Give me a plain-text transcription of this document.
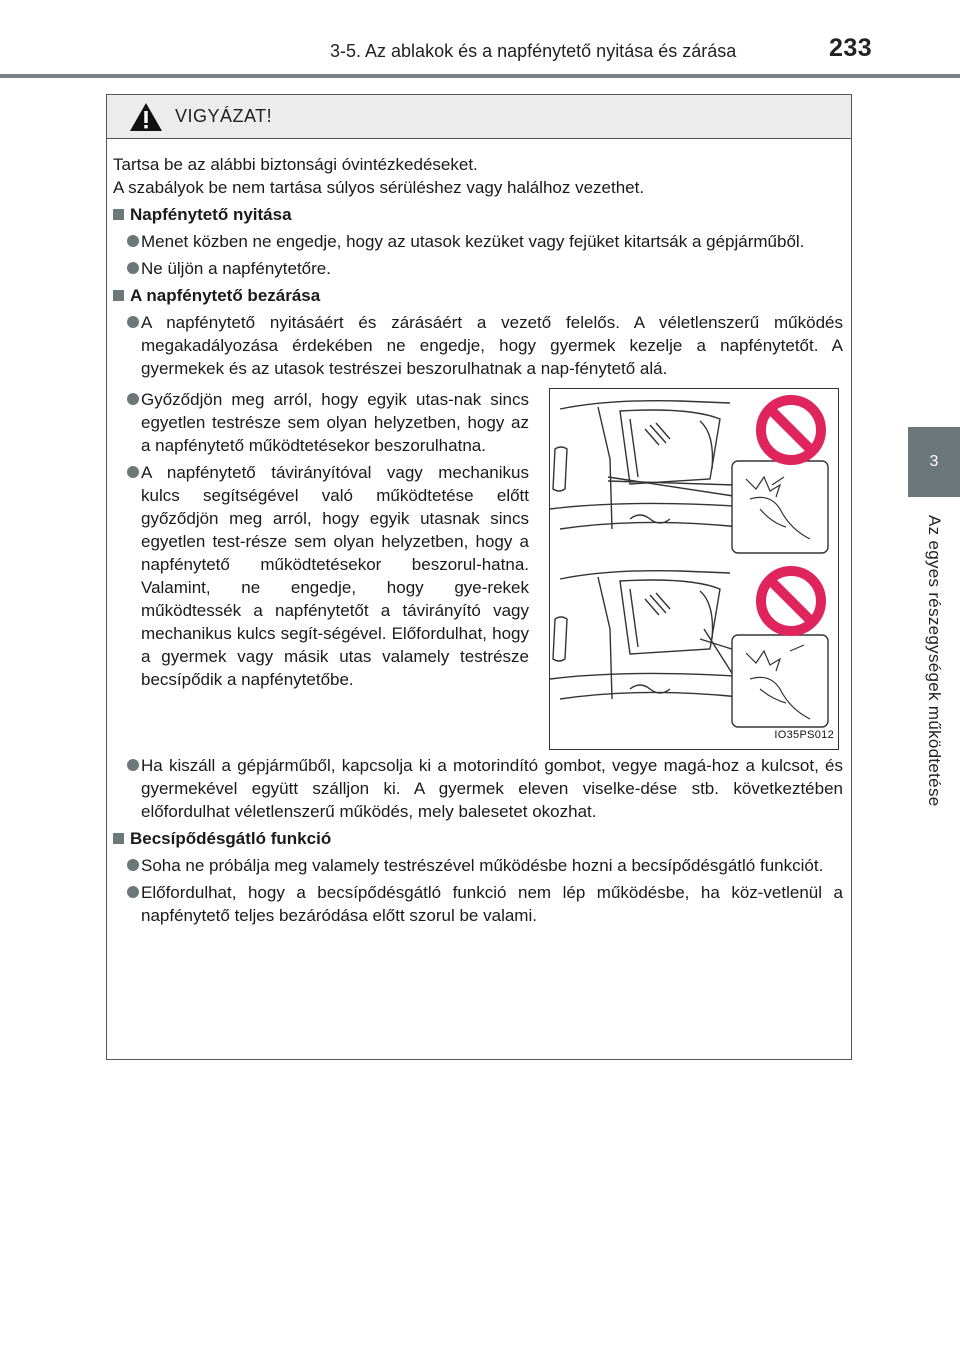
3-5. Az ablakok és a napfénytető nyitása és zárása	233
3
Az egyes részegységek működtetése
VIGYÁZAT!

Tartsa be az alábbi biztonsági óvintézkedéseket.

A szabályok be nem tartása súlyos sérüléshez vagy halálhoz vezethet.

Napfénytető nyitása
Menet közben ne engedje, hogy az utasok kezüket vagy fejüket kitartsák a gépjárműből.
Ne üljön a napfénytetőre.
A napfénytető bezárása
A napfénytető nyitásáért és zárásáért a vezető felelős. A véletlenszerű működés megakadályozása érdekében ne engedje, hogy gyermek kezelje a napfénytetőt. A gyermekek és az utasok testrészei beszorulhatnak a nap-fénytető alá.
Győződjön meg arról, hogy egyik utas-nak sincs egyetlen testrésze sem olyan helyzetben, hogy az a napfénytető működtetésekor beszorulhatna.
A napfénytető távirányítóval vagy mechanikus kulcs segítségével való működtetése előtt győződjön meg arról, hogy egyik utasnak sincs egyetlen test-része sem olyan helyzetben, hogy a napfénytető működtetésekor beszorul-hatna. Valamint, ne engedje, hogy gye-rekek működtessék a napfénytetőt a távirányító vagy mechanikus kulcs segít-ségével. Előfordulhat, hogy a gyermek vagy másik utas valamely testrésze becsípődik a napfénytetőbe.
IO35PS012
Ha kiszáll a gépjárműből, kapcsolja ki a motorindító gombot, vegye magá-hoz a kulcsot, és gyermekével együtt szálljon ki. A gyermek eleven viselke-dése stb. következtében előfordulhat véletlenszerű működés, mely balesetet okozhat.
Becsípődésgátló funkció
Soha ne próbálja meg valamely testrészével működésbe hozni a becsípődésgátló funkciót.
Előfordulhat, hogy a becsípődésgátló funkció nem lép működésbe, ha köz-vetlenül a napfénytető teljes bezáródása előtt szorul be valami.
